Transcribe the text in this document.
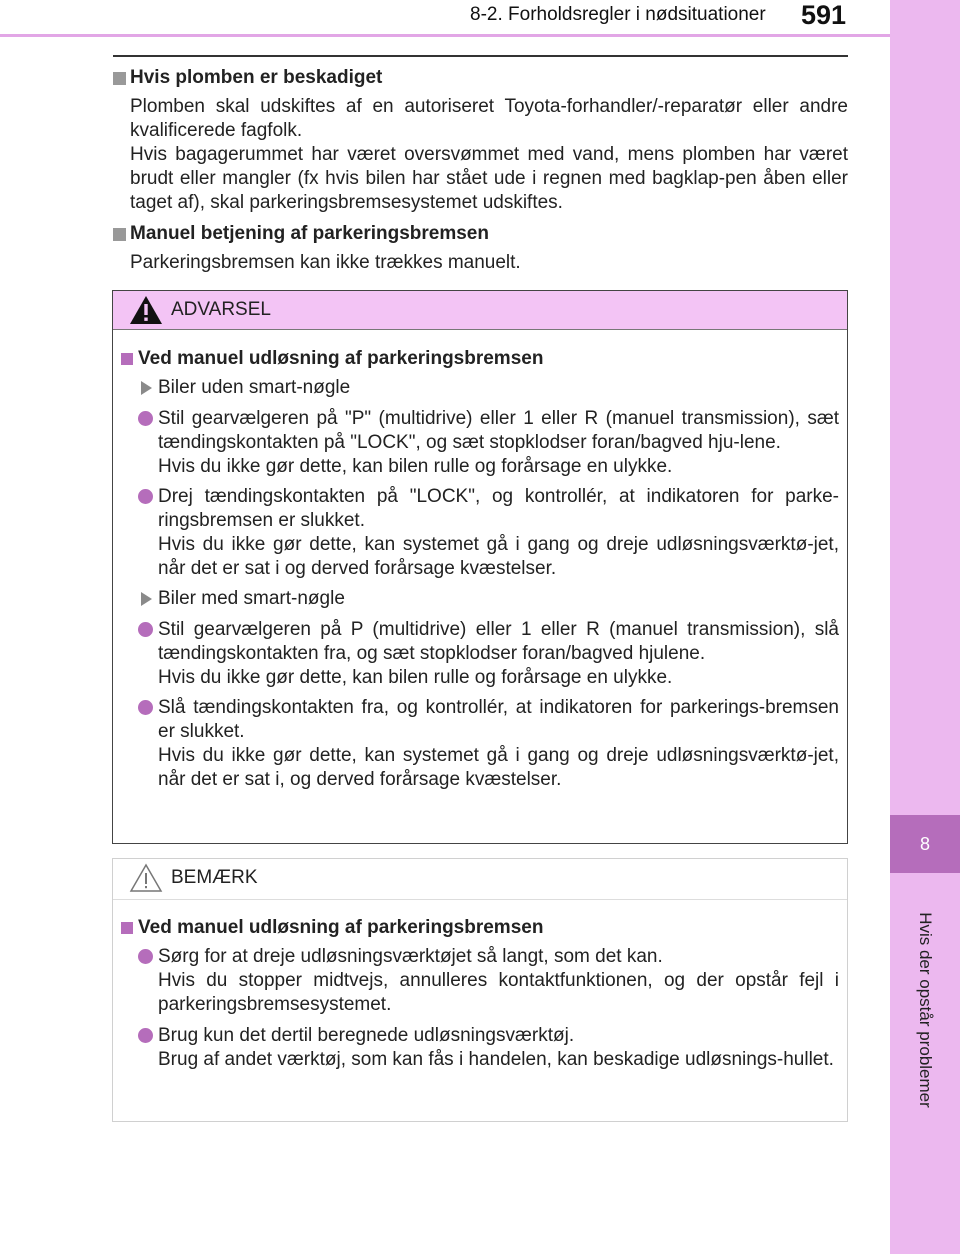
8-2. Forholdsregler i nødsituationer 591
8
Hvis der opstår problemer
Hvis plomben er beskadiget

Plomben skal udskiftes af en autoriseret Toyota-forhandler/-reparatør eller andre kvalificerede fagfolk.

Hvis bagagerummet har været oversvømmet med vand, mens plomben har været brudt eller mangler (fx hvis bilen har stået ude i regnen med bagklap-pen åben eller taget af), skal parkeringsbremsesystemet udskiftes.

Manuel betjening af parkeringsbremsen

Parkeringsbremsen kan ikke trækkes manuelt.

ADVARSEL
Ved manuel udløsning af parkeringsbremsen
Biler uden smart-nøgle
Stil gearvælgeren på "P" (multidrive) eller 1 eller R (manuel transmission), sæt tændingskontakten på "LOCK", og sæt stopklodser foran/bagved hju-lene.
Hvis du ikke gør dette, kan bilen rulle og forårsage en ulykke.
Drej tændingskontakten på "LOCK", og kontrollér, at indikatoren for parke-ringsbremsen er slukket.
Hvis du ikke gør dette, kan systemet gå i gang og dreje udløsningsværktø-jet, når det er sat i og derved forårsage kvæstelser.
Biler med smart-nøgle
Stil gearvælgeren på P (multidrive) eller 1 eller R (manuel transmission), slå tændingskontakten fra, og sæt stopklodser foran/bagved hjulene.
Hvis du ikke gør dette, kan bilen rulle og forårsage en ulykke.
Slå tændingskontakten fra, og kontrollér, at indikatoren for parkerings-bremsen er slukket.
Hvis du ikke gør dette, kan systemet gå i gang og dreje udløsningsværktø-jet, når det er sat i, og derved forårsage kvæstelser.
BEMÆRK
Ved manuel udløsning af parkeringsbremsen
Sørg for at dreje udløsningsværktøjet så langt, som det kan.
Hvis du stopper midtvejs, annulleres kontaktfunktionen, og der opstår fejl i parkeringsbremsesystemet.
Brug kun det dertil beregnede udløsningsværktøj.
Brug af andet værktøj, som kan fås i handelen, kan beskadige udløsnings-hullet.
